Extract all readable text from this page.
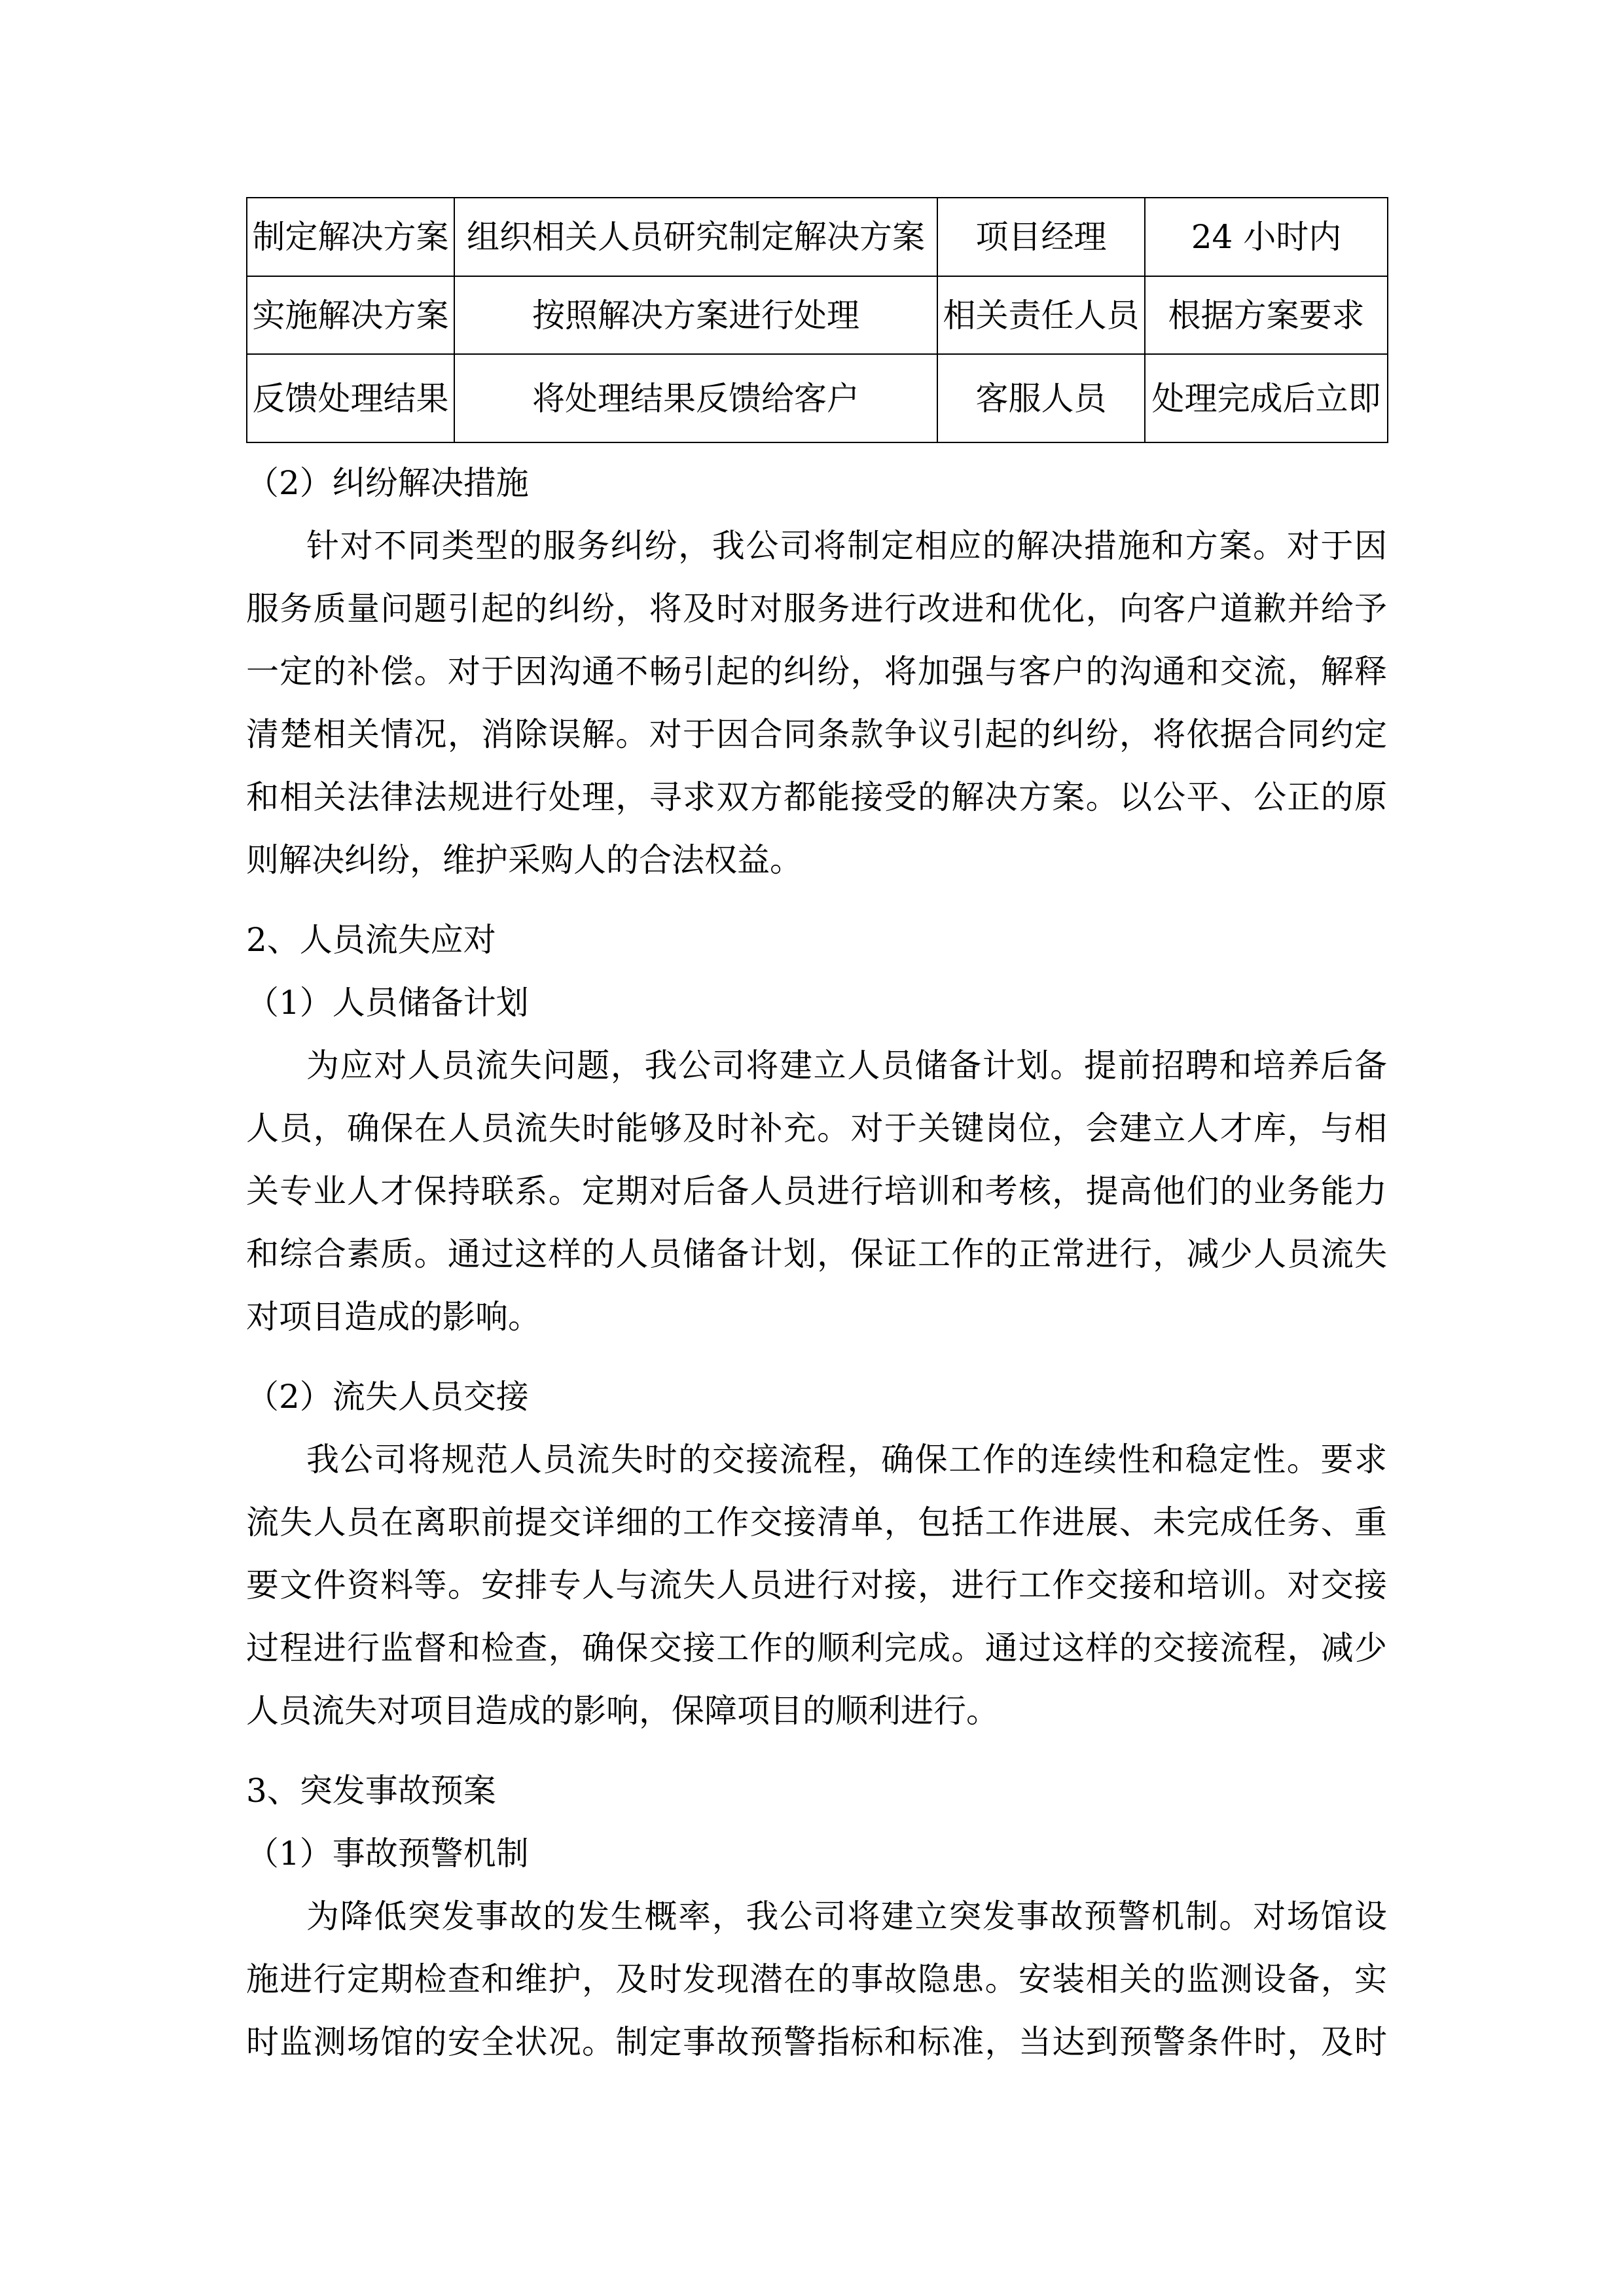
制定解决方案	组织相关人员研究制定解决方案	项目经理	24 小时内
实施解决方案	按照解决方案进行处理	相关责任人员	根据方案要求
反馈处理结果	将处理结果反馈给客户	客服人员	处理完成后立即
（2）纠纷解决措施
针对不同类型的服务纠纷，我公司将制定相应的解决措施和方案。对于因
服务质量问题引起的纠纷，将及时对服务进行改进和优化，向客户道歉并给予
一定的补偿。对于因沟通不畅引起的纠纷，将加强与客户的沟通和交流，解释
清楚相关情况，消除误解。对于因合同条款争议引起的纠纷，将依据合同约定
和相关法律法规进行处理，寻求双方都能接受的解决方案。以公平、公正的原
则解决纠纷，维护采购人的合法权益。
2、人员流失应对
（1）人员储备计划
为应对人员流失问题，我公司将建立人员储备计划。提前招聘和培养后备
人员，确保在人员流失时能够及时补充。对于关键岗位，会建立人才库，与相
关专业人才保持联系。定期对后备人员进行培训和考核，提高他们的业务能力
和综合素质。通过这样的人员储备计划，保证工作的正常进行，减少人员流失
对项目造成的影响。
（2）流失人员交接
我公司将规范人员流失时的交接流程，确保工作的连续性和稳定性。要求
流失人员在离职前提交详细的工作交接清单，包括工作进展、未完成任务、重
要文件资料等。安排专人与流失人员进行对接，进行工作交接和培训。对交接
过程进行监督和检查，确保交接工作的顺利完成。通过这样的交接流程，减少
人员流失对项目造成的影响，保障项目的顺利进行。
3、突发事故预案
（1）事故预警机制
为降低突发事故的发生概率，我公司将建立突发事故预警机制。对场馆设
施进行定期检查和维护，及时发现潜在的事故隐患。安装相关的监测设备，实
时监测场馆的安全状况。制定事故预警指标和标准，当达到预警条件时，及时
